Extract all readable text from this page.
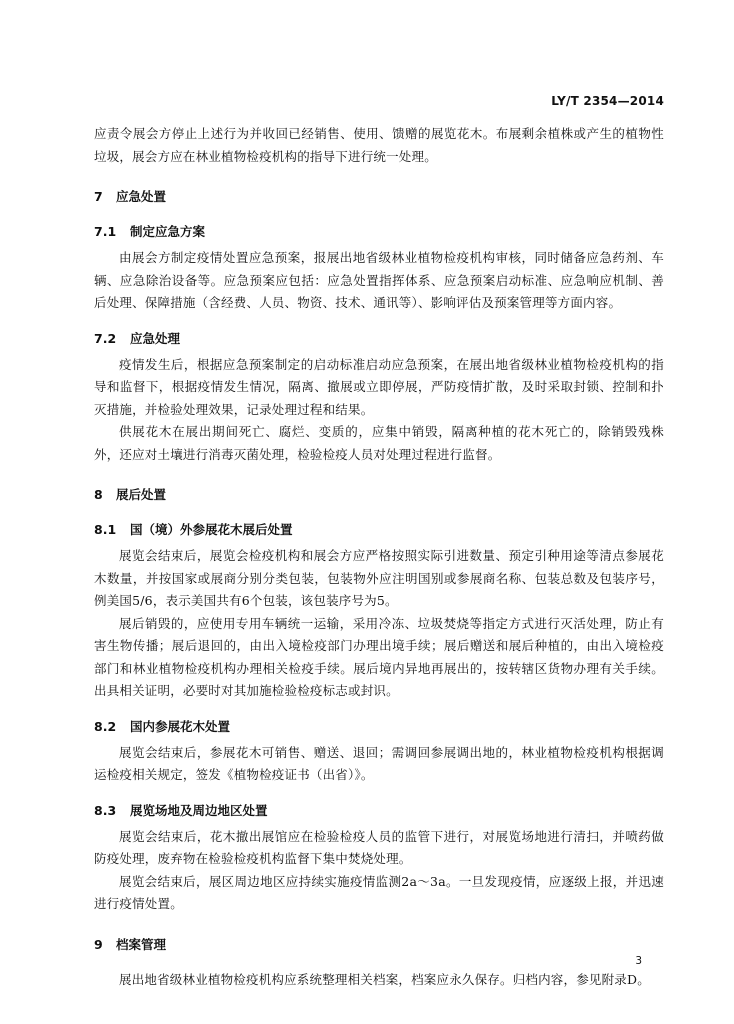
LY/T 2354—2014

应责令展会方停止上述行为并收回已经销售、使用、馈赠的展览花木。布展剩余植株或产生的植物性垃圾，展会方应在林业植物检疫机构的指导下进行统一处理。

7 应急处置
7.1 制定应急方案

由展会方制定疫情处置应急预案，报展出地省级林业植物检疫机构审核，同时储备应急药剂、车辆、应急除治设备等。应急预案应包括：应急处置指挥体系、应急预案启动标准、应急响应机制、善后处理、保障措施（含经费、人员、物资、技术、通讯等）、影响评估及预案管理等方面内容。

7.2 应急处理

疫情发生后，根据应急预案制定的启动标准启动应急预案，在展出地省级林业植物检疫机构的指导和监督下，根据疫情发生情况，隔离、撤展或立即停展，严防疫情扩散，及时采取封锁、控制和扑灭措施，并检验处理效果，记录处理过程和结果。

供展花木在展出期间死亡、腐烂、变质的，应集中销毁，隔离种植的花木死亡的，除销毁残株外，还应对土壤进行消毒灭菌处理，检验检疫人员对处理过程进行监督。

8 展后处置
8.1 国（境）外参展花木展后处置

展览会结束后，展览会检疫机构和展会方应严格按照实际引进数量、预定引种用途等清点参展花木数量，并按国家或展商分别分类包装，包装物外应注明国别或参展商名称、包装总数及包装序号，例美国5/6，表示美国共有6个包装，该包装序号为5。

展后销毁的，应使用专用车辆统一运输，采用冷冻、垃圾焚烧等指定方式进行灭活处理，防止有害生物传播；展后退回的，由出入境检疫部门办理出境手续；展后赠送和展后种植的，由出入境检疫部门和林业植物检疫机构办理相关检疫手续。展后境内异地再展出的，按转辖区货物办理有关手续。出具相关证明，必要时对其加施检验检疫标志或封识。

8.2 国内参展花木处置

展览会结束后，参展花木可销售、赠送、退回；需调回参展调出地的，林业植物检疫机构根据调运检疫相关规定，签发《植物检疫证书（出省）》。

8.3 展览场地及周边地区处置

展览会结束后，花木撤出展馆应在检验检疫人员的监管下进行，对展览场地进行清扫，并喷药做防疫处理，废弃物在检验检疫机构监督下集中焚烧处理。

展览会结束后，展区周边地区应持续实施疫情监测2a～3a。一旦发现疫情，应逐级上报，并迅速进行疫情处置。

9 档案管理

展出地省级林业植物检疫机构应系统整理相关档案，档案应永久保存。归档内容，参见附录D。

3
